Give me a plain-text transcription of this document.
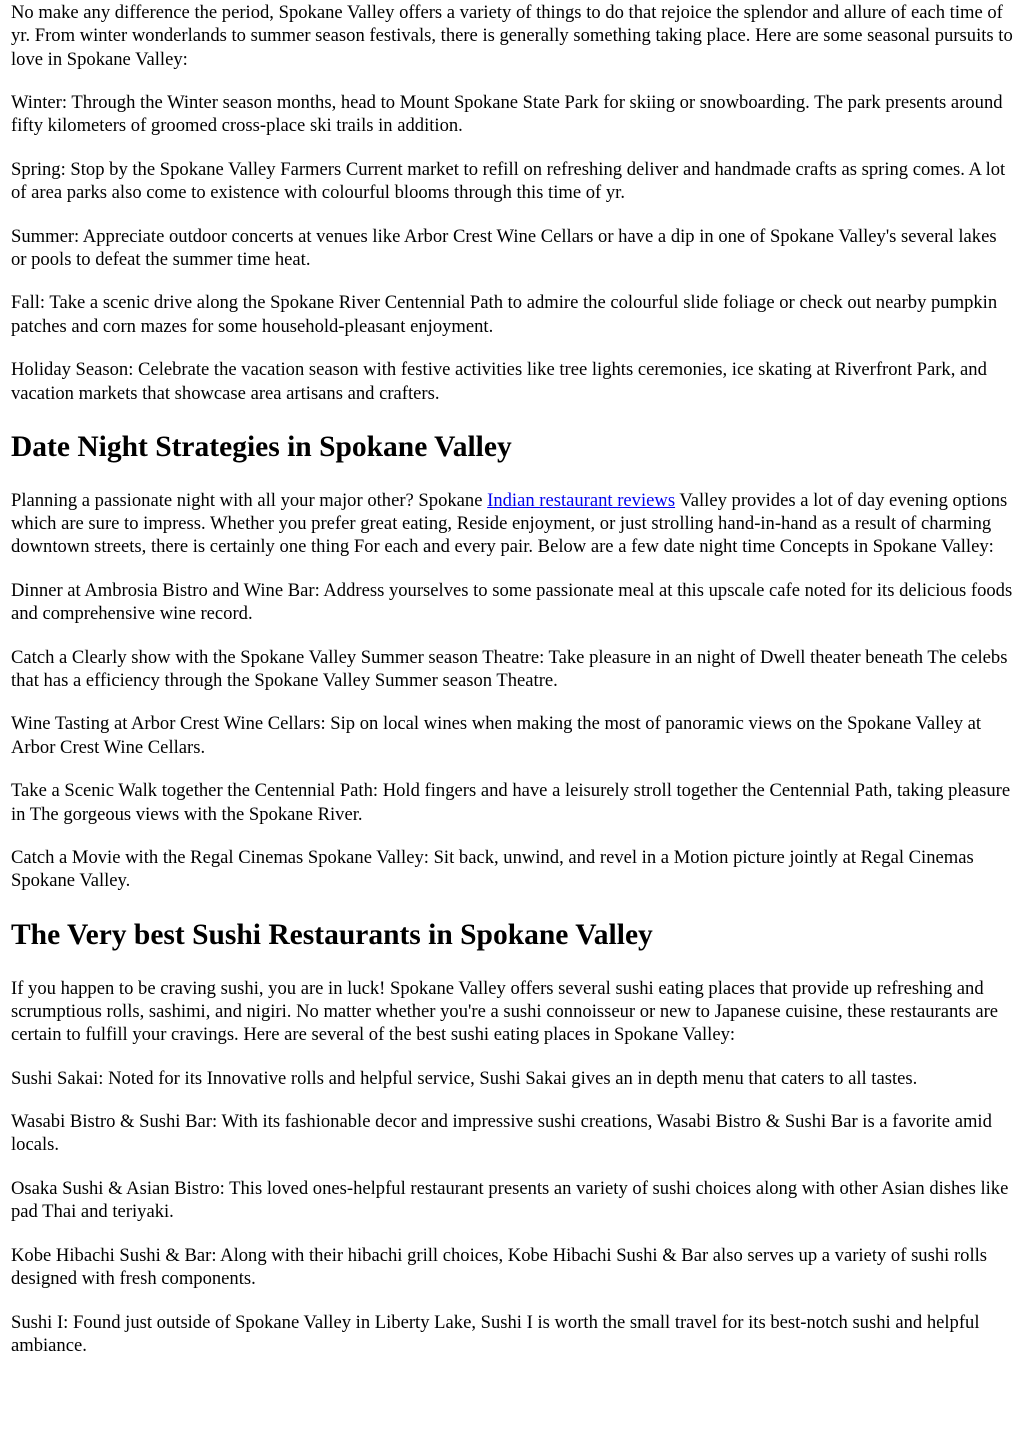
No make any difference the period, Spokane Valley offers a variety of things to do that rejoice the splendor and allure of each time of yr. From winter wonderlands to summer season festivals, there is generally something taking place. Here are some seasonal pursuits to love in Spokane Valley:

Winter: Through the Winter season months, head to Mount Spokane State Park for skiing or snowboarding. The park presents around fifty kilometers of groomed cross-place ski trails in addition.

Spring: Stop by the Spokane Valley Farmers Current market to refill on refreshing deliver and handmade crafts as spring comes. A lot of area parks also come to existence with colourful blooms through this time of yr.

Summer: Appreciate outdoor concerts at venues like Arbor Crest Wine Cellars or have a dip in one of Spokane Valley's several lakes or pools to defeat the summer time heat.

Fall: Take a scenic drive along the Spokane River Centennial Path to admire the colourful slide foliage or check out nearby pumpkin patches and corn mazes for some household-pleasant enjoyment.

Holiday Season: Celebrate the vacation season with festive activities like tree lights ceremonies, ice skating at Riverfront Park, and vacation markets that showcase area artisans and crafters.

Date Night Strategies in Spokane Valley

Planning a passionate night with all your major other? Spokane Indian restaurant reviews Valley provides a lot of day evening options which are sure to impress. Whether you prefer great eating, Reside enjoyment, or just strolling hand-in-hand as a result of charming downtown streets, there is certainly one thing For each and every pair. Below are a few date night time Concepts in Spokane Valley:

Dinner at Ambrosia Bistro and Wine Bar: Address yourselves to some passionate meal at this upscale cafe noted for its delicious foods and comprehensive wine record.

Catch a Clearly show with the Spokane Valley Summer season Theatre: Take pleasure in an night of Dwell theater beneath The celebs that has a efficiency through the Spokane Valley Summer season Theatre.

Wine Tasting at Arbor Crest Wine Cellars: Sip on local wines when making the most of panoramic views on the Spokane Valley at Arbor Crest Wine Cellars.

Take a Scenic Walk together the Centennial Path: Hold fingers and have a leisurely stroll together the Centennial Path, taking pleasure in The gorgeous views with the Spokane River.

Catch a Movie with the Regal Cinemas Spokane Valley: Sit back, unwind, and revel in a Motion picture jointly at Regal Cinemas Spokane Valley.

The Very best Sushi Restaurants in Spokane Valley

If you happen to be craving sushi, you are in luck! Spokane Valley offers several sushi eating places that provide up refreshing and scrumptious rolls, sashimi, and nigiri. No matter whether you're a sushi connoisseur or new to Japanese cuisine, these restaurants are certain to fulfill your cravings. Here are several of the best sushi eating places in Spokane Valley:

Sushi Sakai: Noted for its Innovative rolls and helpful service, Sushi Sakai gives an in depth menu that caters to all tastes.

Wasabi Bistro & Sushi Bar: With its fashionable decor and impressive sushi creations, Wasabi Bistro & Sushi Bar is a favorite amid locals.

Osaka Sushi & Asian Bistro: This loved ones-helpful restaurant presents an variety of sushi choices along with other Asian dishes like pad Thai and teriyaki.

Kobe Hibachi Sushi & Bar: Along with their hibachi grill choices, Kobe Hibachi Sushi & Bar also serves up a variety of sushi rolls designed with fresh components.

Sushi I: Found just outside of Spokane Valley in Liberty Lake, Sushi I is worth the small travel for its best-notch sushi and helpful ambiance.
